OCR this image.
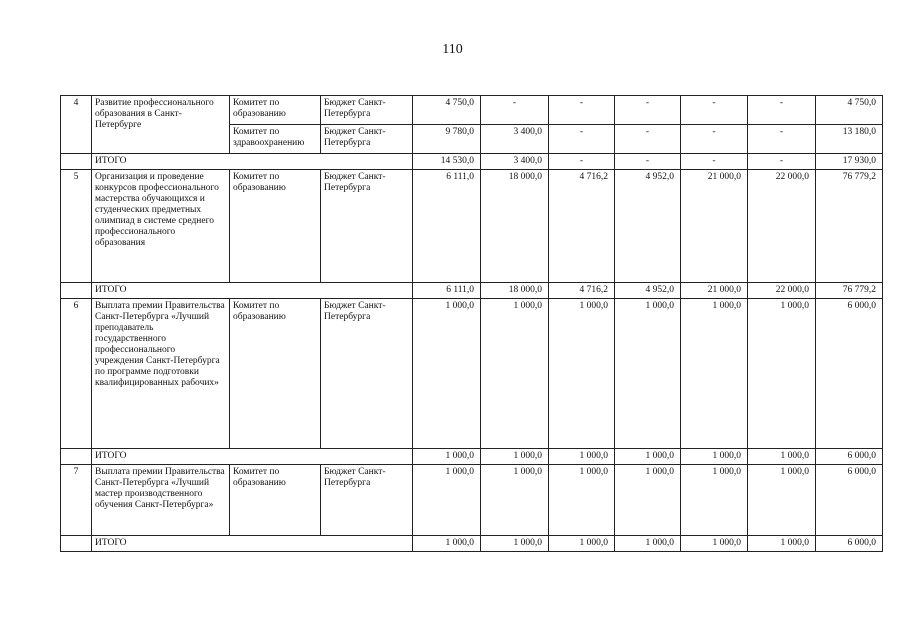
110
4	Развитие профессионального образования в Санкт-Петербурге	Комитет по образованию	Бюджет Санкт-Петербурга	4 750,0	-	-	-	-	-	4 750,0
		Комитет по здравоохранению	Бюджет Санкт-Петербурга	9 780,0	3 400,0	-	-	-	-	13 180,0
	ИТОГО			14 530,0	3 400,0	-	-	-	-	17 930,0
5	Организация и проведение конкурсов профессионального мастерства обучающихся и студенческих предметных олимпиад в системе среднего профессионального образования	Комитет по образованию	Бюджет Санкт-Петербурга	6 111,0	18 000,0	4 716,2	4 952,0	21 000,0	22 000,0	76 779,2
	ИТОГО			6 111,0	18 000,0	4 716,2	4 952,0	21 000,0	22 000,0	76 779,2
6	Выплата премии Правительства Санкт-Петербурга «Лучший преподаватель государственного профессионального учреждения Санкт-Петербурга по программе подготовки квалифицированных рабочих»	Комитет по образованию	Бюджет Санкт-Петербурга	1 000,0	1 000,0	1 000,0	1 000,0	1 000,0	1 000,0	6 000,0
	ИТОГО			1 000,0	1 000,0	1 000,0	1 000,0	1 000,0	1 000,0	6 000,0
7	Выплата премии Правительства Санкт-Петербурга «Лучший мастер производственного обучения Санкт-Петербурга»	Комитет по образованию	Бюджет Санкт-Петербурга	1 000,0	1 000,0	1 000,0	1 000,0	1 000,0	1 000,0	6 000,0
	ИТОГО			1 000,0	1 000,0	1 000,0	1 000,0	1 000,0	1 000,0	6 000,0
